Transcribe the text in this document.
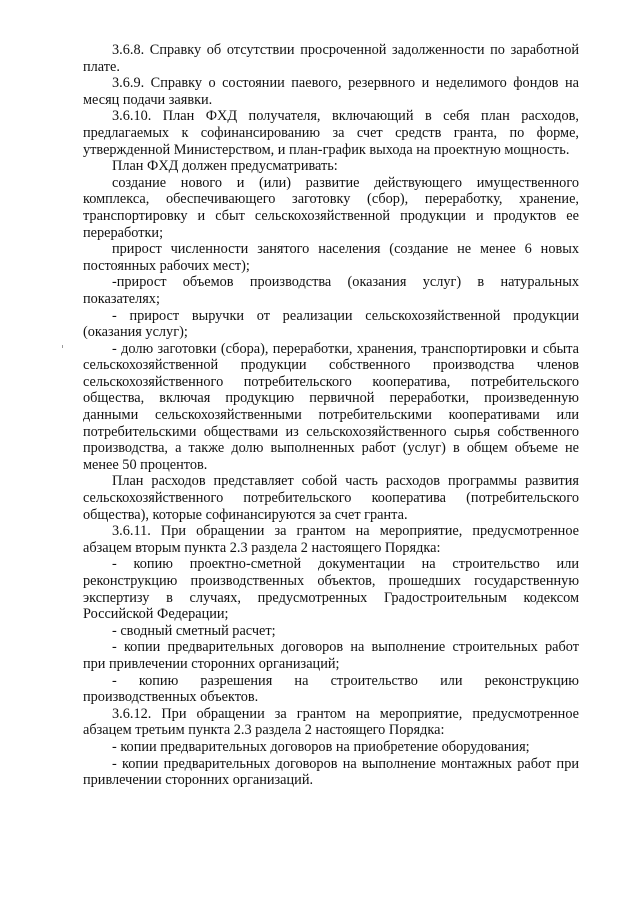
3.6.8. Справку об отсутствии просроченной задолженности по заработной плате.

3.6.9. Справку о состоянии паевого, резервного и неделимого фондов на месяц подачи заявки.

3.6.10. План ФХД получателя, включающий в себя план расходов, предлагаемых к софинансированию за счет средств гранта, по форме, утвержденной Министерством, и план-график выхода на проектную мощность.

План ФХД должен предусматривать:

создание нового и (или) развитие действующего имущественного комплекса, обеспечивающего заготовку (сбор), переработку, хранение, транспортировку и сбыт сельскохозяйственной продукции и продуктов ее переработки;

прирост численности занятого населения (создание не менее 6 новых постоянных рабочих мест);

-прирост объемов производства (оказания услуг) в натуральных показателях;

- прирост выручки от реализации сельскохозяйственной продукции (оказания услуг);

- долю заготовки (сбора), переработки, хранения, транспортировки и сбыта сельскохозяйственной продукции собственного производства членов сельскохозяйственного потребительского кооператива, потребительского общества, включая продукцию первичной переработки, произведенную данными сельскохозяйственными потребительскими кооперативами или потребительскими обществами из сельскохозяйственного сырья собственного производства, а также долю выполненных работ (услуг) в общем объеме не менее 50 процентов.

План расходов представляет собой часть расходов программы развития сельскохозяйственного потребительского кооператива (потребительского общества), которые софинансируются за счет гранта.

3.6.11. При обращении за грантом на мероприятие, предусмотренное абзацем вторым пункта 2.3 раздела 2 настоящего Порядка:

- копию проектно-сметной документации на строительство или реконструкцию производственных объектов, прошедших государственную экспертизу в случаях, предусмотренных Градостроительным кодексом Российской Федерации;

- сводный сметный расчет;

- копии предварительных договоров на выполнение строительных работ при привлечении сторонних организаций;

- копию разрешения на строительство или реконструкцию производственных объектов.

3.6.12. При обращении за грантом на мероприятие, предусмотренное абзацем третьим пункта 2.3 раздела 2 настоящего Порядка:

- копии предварительных договоров на приобретение оборудования;

- копии предварительных договоров на выполнение монтажных работ при привлечении сторонних организаций.
